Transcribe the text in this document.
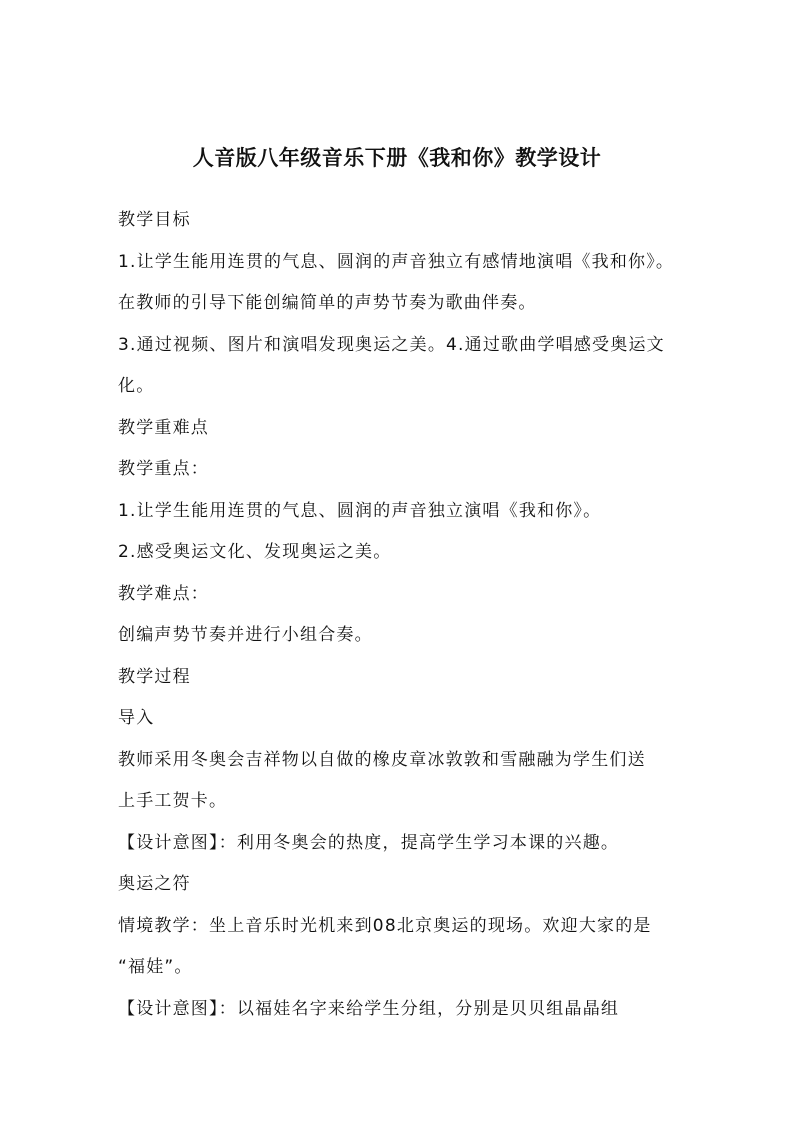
人音版八年级音乐下册《我和你》教学设计
教学目标
1.让学生能用连贯的气息、圆润的声音独立有感情地演唱《我和你》。
在教师的引导下能创编简单的声势节奏为歌曲伴奏。
3.通过视频、图片和演唱发现奥运之美。4.通过歌曲学唱感受奥运文
化。
教学重难点
教学重点：
1.让学生能用连贯的气息、圆润的声音独立演唱《我和你》。
2.感受奥运文化、发现奥运之美。
教学难点：
创编声势节奏并进行小组合奏。
教学过程
导入
教师采用冬奥会吉祥物以自做的橡皮章冰敦敦和雪融融为学生们送
上手工贺卡。
【设计意图】：利用冬奥会的热度，提高学生学习本课的兴趣。
奥运之符
情境教学：坐上音乐时光机来到08北京奥运的现场。欢迎大家的是
“福娃”。
【设计意图】：以福娃名字来给学生分组，分别是贝贝组晶晶组
